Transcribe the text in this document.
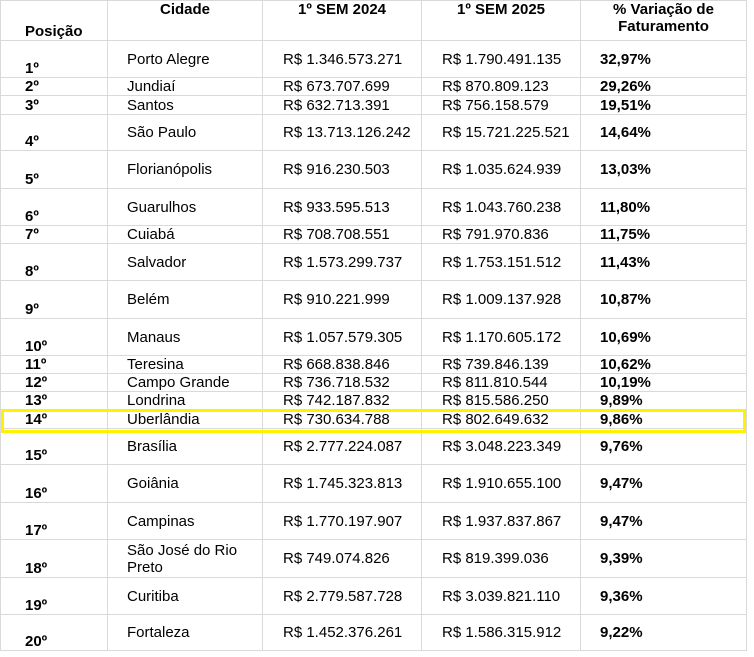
Posição	Cidade	1º SEM 2024	1º SEM 2025	% Variação de Faturamento
1º	Porto Alegre	R$ 1.346.573.271	R$ 1.790.491.135	32,97%
2º	Jundiaí	R$ 673.707.699	R$ 870.809.123	29,26%
3º	Santos	R$ 632.713.391	R$ 756.158.579	19,51%
4º	São Paulo	R$ 13.713.126.242	R$ 15.721.225.521	14,64%
5º	Florianópolis	R$ 916.230.503	R$ 1.035.624.939	13,03%
6º	Guarulhos	R$ 933.595.513	R$ 1.043.760.238	11,80%
7º	Cuiabá	R$ 708.708.551	R$ 791.970.836	11,75%
8º	Salvador	R$ 1.573.299.737	R$ 1.753.151.512	11,43%
9º	Belém	R$ 910.221.999	R$ 1.009.137.928	10,87%
10º	Manaus	R$ 1.057.579.305	R$ 1.170.605.172	10,69%
11º	Teresina	R$ 668.838.846	R$ 739.846.139	10,62%
12º	Campo Grande	R$ 736.718.532	R$ 811.810.544	10,19%
13º	Londrina	R$ 742.187.832	R$ 815.586.250	9,89%
14º	Uberlândia	R$ 730.634.788	R$ 802.649.632	9,86%
15º	Brasília	R$ 2.777.224.087	R$ 3.048.223.349	9,76%
16º	Goiânia	R$ 1.745.323.813	R$ 1.910.655.100	9,47%
17º	Campinas	R$ 1.770.197.907	R$ 1.937.837.867	9,47%
18º	São José do Rio Preto	R$ 749.074.826	R$ 819.399.036	9,39%
19º	Curitiba	R$ 2.779.587.728	R$ 3.039.821.110	9,36%
20º	Fortaleza	R$ 1.452.376.261	R$ 1.586.315.912	9,22%
